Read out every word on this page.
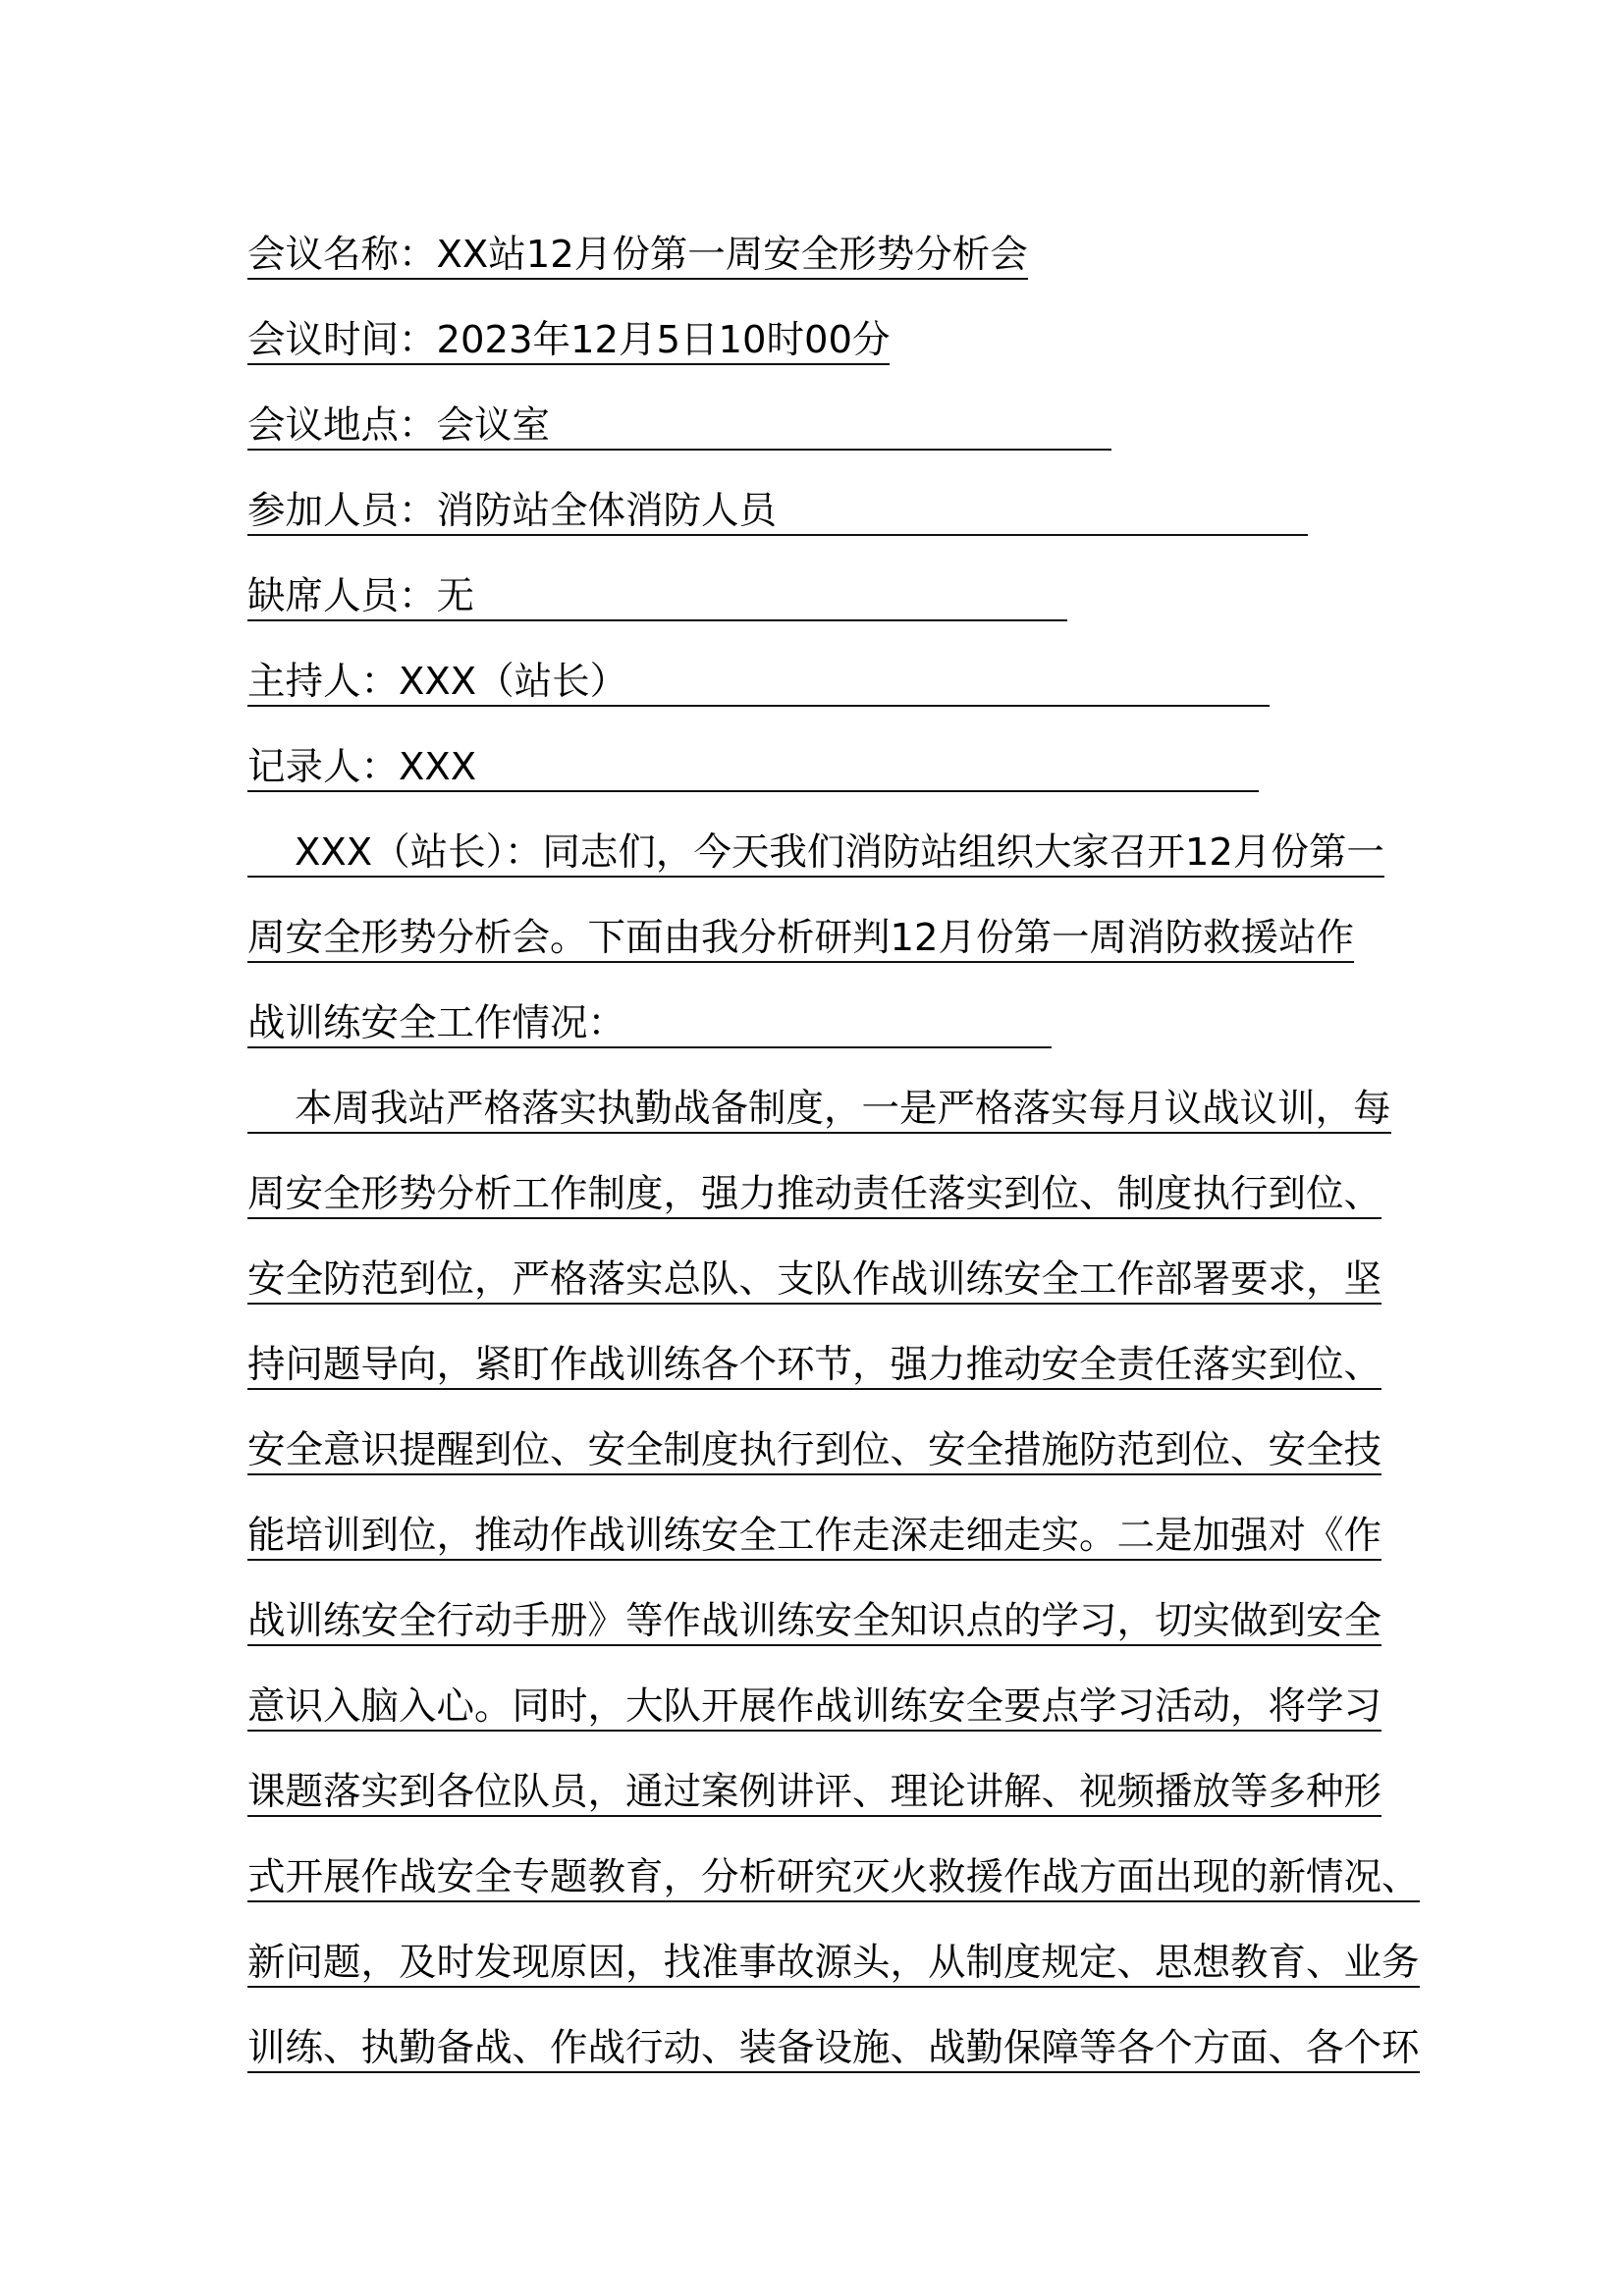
会议名称：XX站12月份第一周安全形势分析会
会议时间：2023年12月5日10时00分
会议地点：会议室
参加人员：消防站全体消防人员
缺席人员：无
主持人：XXX（站长）
记录人：XXX
XXX（站长）：同志们，今天我们消防站组织大家召开12月份第一
周安全形势分析会。下面由我分析研判12月份第一周消防救援站作
战训练安全工作情况：
本周我站严格落实执勤战备制度，一是严格落实每月议战议训，每
周安全形势分析工作制度，强力推动责任落实到位、制度执行到位、
安全防范到位，严格落实总队、支队作战训练安全工作部署要求，坚
持问题导向，紧盯作战训练各个环节，强力推动安全责任落实到位、
安全意识提醒到位、安全制度执行到位、安全措施防范到位、安全技
能培训到位，推动作战训练安全工作走深走细走实。二是加强对《作
战训练安全行动手册》等作战训练安全知识点的学习，切实做到安全
意识入脑入心。同时，大队开展作战训练安全要点学习活动，将学习
课题落实到各位队员，通过案例讲评、理论讲解、视频播放等多种形
式开展作战安全专题教育，分析研究灭火救援作战方面出现的新情况、
新问题，及时发现原因，找准事故源头，从制度规定、思想教育、业务
训练、执勤备战、作战行动、装备设施、战勤保障等各个方面、各个环
